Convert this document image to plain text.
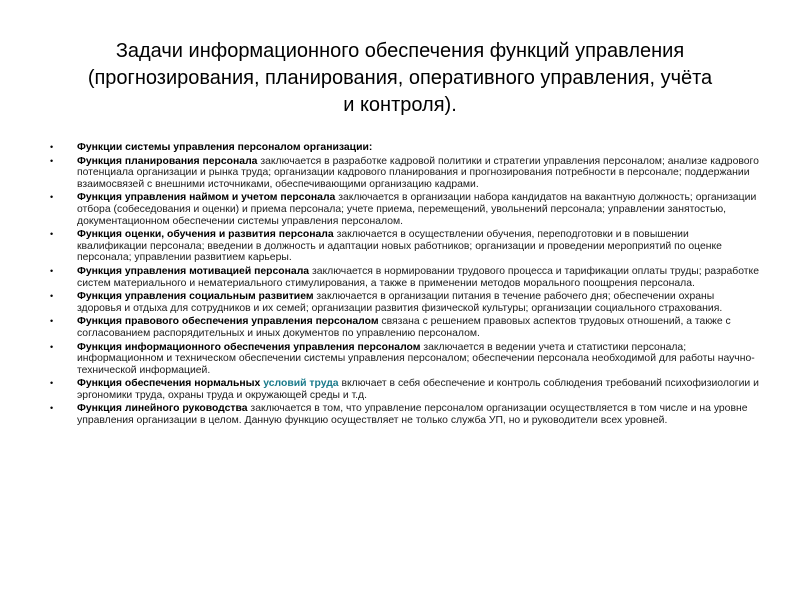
Задачи информационного обеспечения функций управления
(прогнозирования, планирования, оперативного управления, учёта
и контроля).
•	Функции системы управления персоналом организации:
•	Функция планирования персонала заключается в разработке кадровой политики и стратегии управления персоналом; анализе кадрового потенциала организации и рынка труда; организации кадрового планирования и прогнозирования потребности в персонале; поддержании взаимосвязей с внешними источниками, обеспечивающими организацию кадрами.
•	Функция управления наймом и учетом персонала заключается в организации набора кандидатов на вакантную должность; организации отбора (собеседования и оценки) и приема персонала; учете приема, перемещений, увольнений персонала; управлении занятостью, документационном обеспечении системы управления персоналом.
•	Функция оценки, обучения и развития персонала заключается в осуществлении обучения, переподготовки и в повышении квалификации персонала; введении в должность и адаптации новых работников; организации и проведении мероприятий по оценке персонала; управлении развитием карьеры.
•	Функция управления мотивацией персонала заключается в нормировании трудового процесса и тарификации оплаты труды; разработке систем материального и нематериального стимулирования, а также в применении методов морального поощрения персонала.
•	Функция управления социальным развитием заключается в организации питания в течение рабочего дня; обеспечении охраны здоровья и отдыха для сотрудников и их семей; организации развития физической культуры; организации социального страхования.
•	Функция правового обеспечения управления персоналом связана с решением правовых аспектов трудовых отношений, а также с согласованием распорядительных и иных документов по управлению персоналом.
•	Функция информационного обеспечения управления персоналом заключается в ведении учета и статистики персонала; информационном и техническом обеспечении системы управления персоналом; обеспечении персонала необходимой для работы научно-технической информацией.
•	Функция обеспечения нормальных условий труда включает в себя обеспечение и контроль соблюдения требований психофизиологии и эргономики труда, охраны труда и окружающей среды и т.д.
•	Функция линейного руководства заключается в том, что управление персоналом организации осуществляется в том числе и на уровне управления организации в целом. Данную функцию осуществляет не только служба УП, но и руководители всех уровней.
